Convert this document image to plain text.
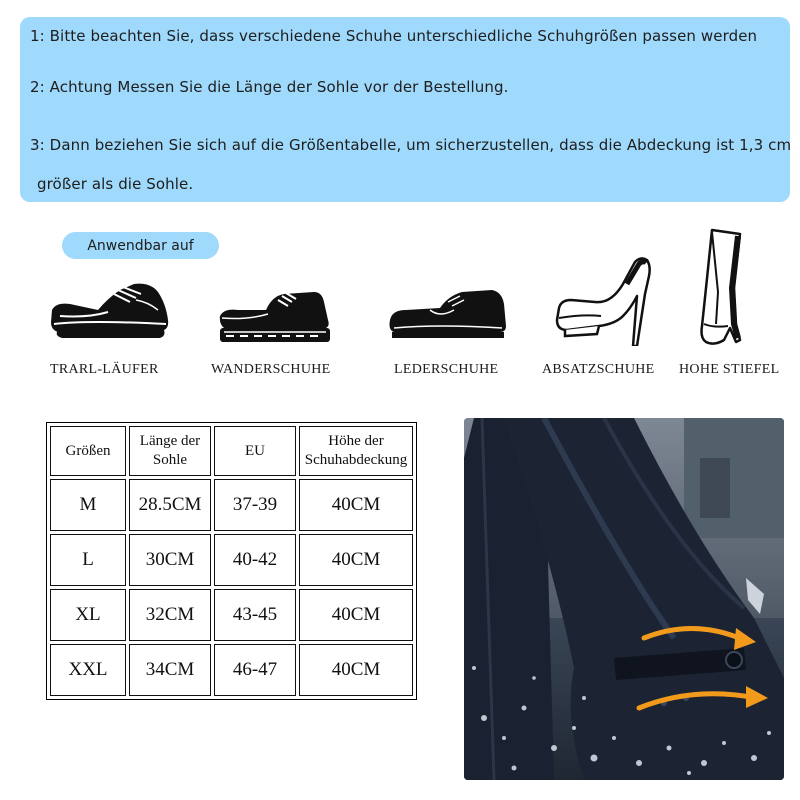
1: Bitte beachten Sie, dass verschiedene Schuhe unterschiedliche Schuhgrößen passen werden
2: Achtung Messen Sie die Länge der Sohle vor der Bestellung.
3: Dann beziehen Sie sich auf die Größentabelle, um sicherzustellen, dass die Abdeckung ist 1,3 cm
größer als die Sohle.
Anwendbar auf
TRARL-LÄUFER	WANDERSCHUHE	LEDERSCHUHE	ABSATZSCHUHE HOHE STIEFEL
Größen	Länge der Sohle	EU	Höhe der Schuhabdeckung
M	28.5CM	37-39	40CM
L	30CM	40-42	40CM
XL	32CM	43-45	40CM
XXL	34CM	46-47	40CM
